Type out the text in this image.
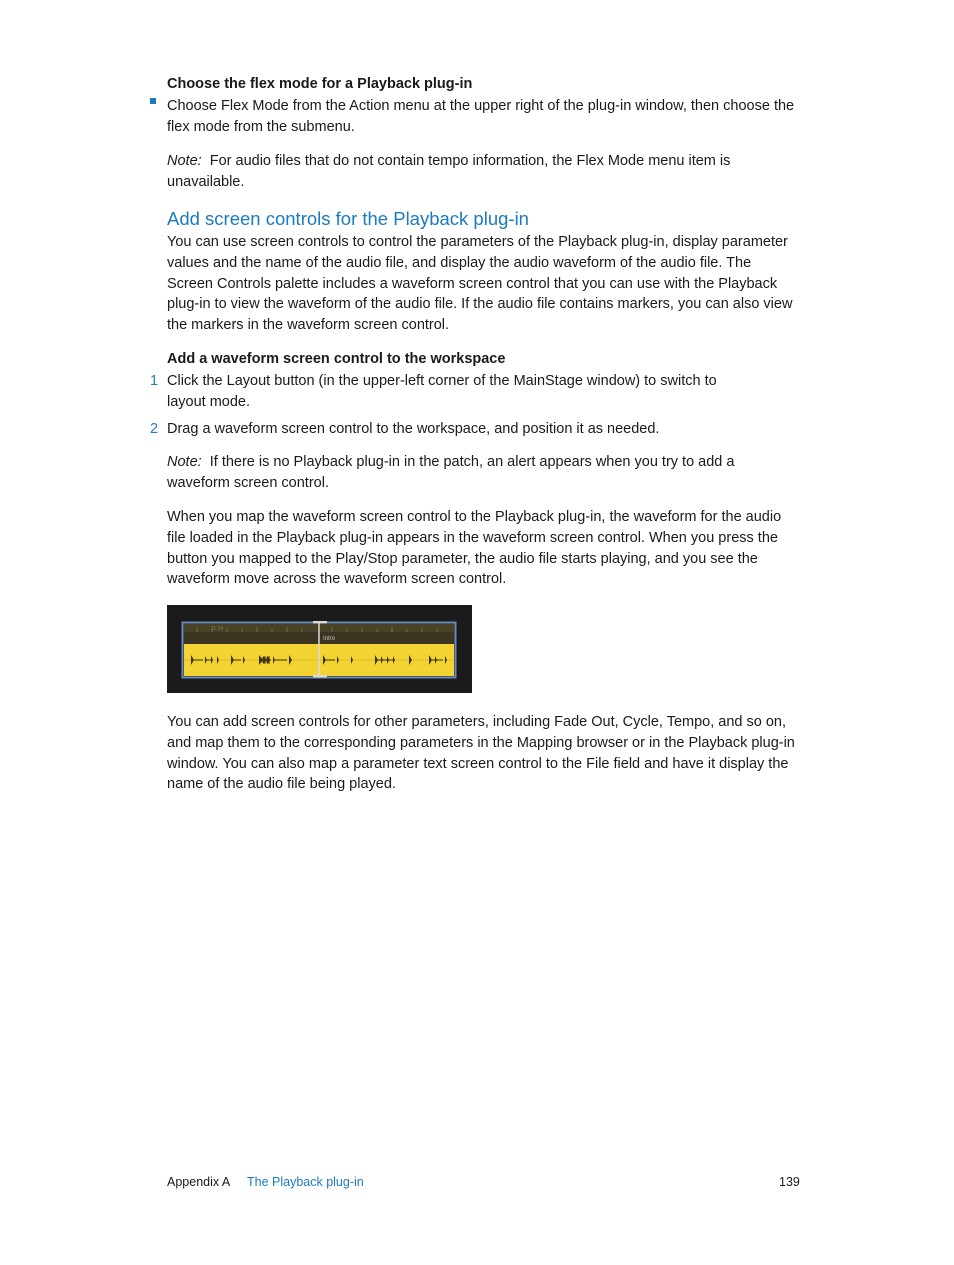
Choose the flex mode for a Playback plug-in
Choose Flex Mode from the Action menu at the upper right of the plug-in window, then choose the flex mode from the submenu.
Note: For audio files that do not contain tempo information, the Flex Mode menu item is unavailable.
Add screen controls for the Playback plug-in
You can use screen controls to control the parameters of the Playback plug-in, display parameter values and the name of the audio file, and display the audio waveform of the audio file. The Screen Controls palette includes a waveform screen control that you can use with the Playback plug-in to view the waveform of the audio file. If the audio file contains markers, you can also view the markers in the waveform screen control.
Add a waveform screen control to the workspace
1 Click the Layout button (in the upper-left corner of the MainStage window) to switch to layout mode.
2 Drag a waveform screen control to the workspace, and position it as needed.
Note: If there is no Playback plug-in in the patch, an alert appears when you try to add a waveform screen control.
When you map the waveform screen control to the Playback plug-in, the waveform for the audio file loaded in the Playback plug-in appears in the waveform screen control. When you press the button you mapped to the Play/Stop parameter, the audio file starts playing, and you see the waveform move across the waveform screen control.
11 14
Intro
You can add screen controls for other parameters, including Fade Out, Cycle, Tempo, and so on, and map them to the corresponding parameters in the Mapping browser or in the Playback plug-in window. You can also map a parameter text screen control to the File field and have it display the name of the audio file being played.
Appendix A The Playback plug-in	139
